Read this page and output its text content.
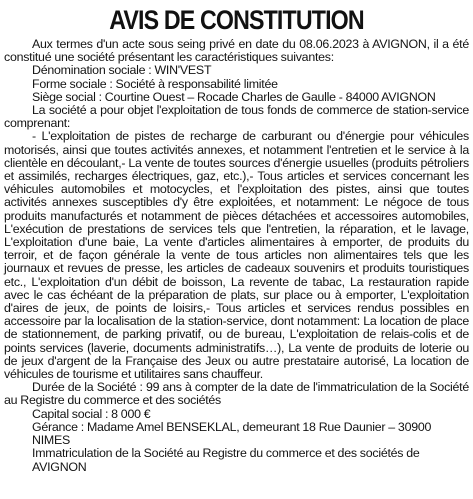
AVIS DE CONSTITUTION

Aux termes d'un acte sous seing privé en date du 08.06.2023 à AVIGNON, il a été constitué une société présentant les caractéristiques suivantes:

Dénomination sociale : WIN'VEST

Forme sociale : Société à responsabilité limitée

Siège social : Courtine Ouest – Rocade Charles de Gaulle - 84000 AVIGNON

La société a pour objet l'exploitation de tous fonds de commerce de station-service comprenant:

- L'exploitation de pistes de recharge de carburant ou d'énergie pour véhicules motorisés, ainsi que toutes activités annexes, et notamment l'entretien et le service à la clientèle en découlant,- La vente de toutes sources d'énergie usuelles (produits pétroliers et assimilés, recharges électriques, gaz, etc.),- Tous articles et services concernant les véhicules automobiles et motocycles, et l'exploitation des pistes, ainsi que toutes activités annexes susceptibles d'y être exploitées, et notamment: Le négoce de tous produits manufacturés et notamment de pièces détachées et accessoires automobiles, L'exécution de prestations de services tels que l'entretien, la réparation, et le lavage, L'exploitation d'une baie, La vente d'articles alimentaires à emporter, de produits du terroir, et de façon générale la vente de tous articles non alimentaires tels que les journaux et revues de presse, les articles de cadeaux souvenirs et produits touristiques etc., L'exploitation d'un débit de boisson, La revente de tabac, La restauration rapide avec le cas échéant de la préparation de plats, sur place ou à emporter, L'exploitation d'aires de jeux, de points de loisirs,- Tous articles et services rendus possibles en accessoire par la localisation de la station-service, dont notamment: La location de place de stationnement, de parking privatif, ou de bureau, L'exploitation de relais-colis et de points services (laverie, documents administratifs…), La vente de produits de loterie ou de jeux d'argent de la Française des Jeux ou autre prestataire autorisé, La location de véhicules de tourisme et utilitaires sans chauffeur.

Durée de la Société : 99 ans à compter de la date de l'immatriculation de la Société au Registre du commerce et des sociétés

Capital social : 8 000 €

Gérance : Madame Amel BENSEKLAL, demeurant 18 Rue Daunier – 30900 NIMES

Immatriculation de la Société au Registre du commerce et des sociétés de AVIGNON
